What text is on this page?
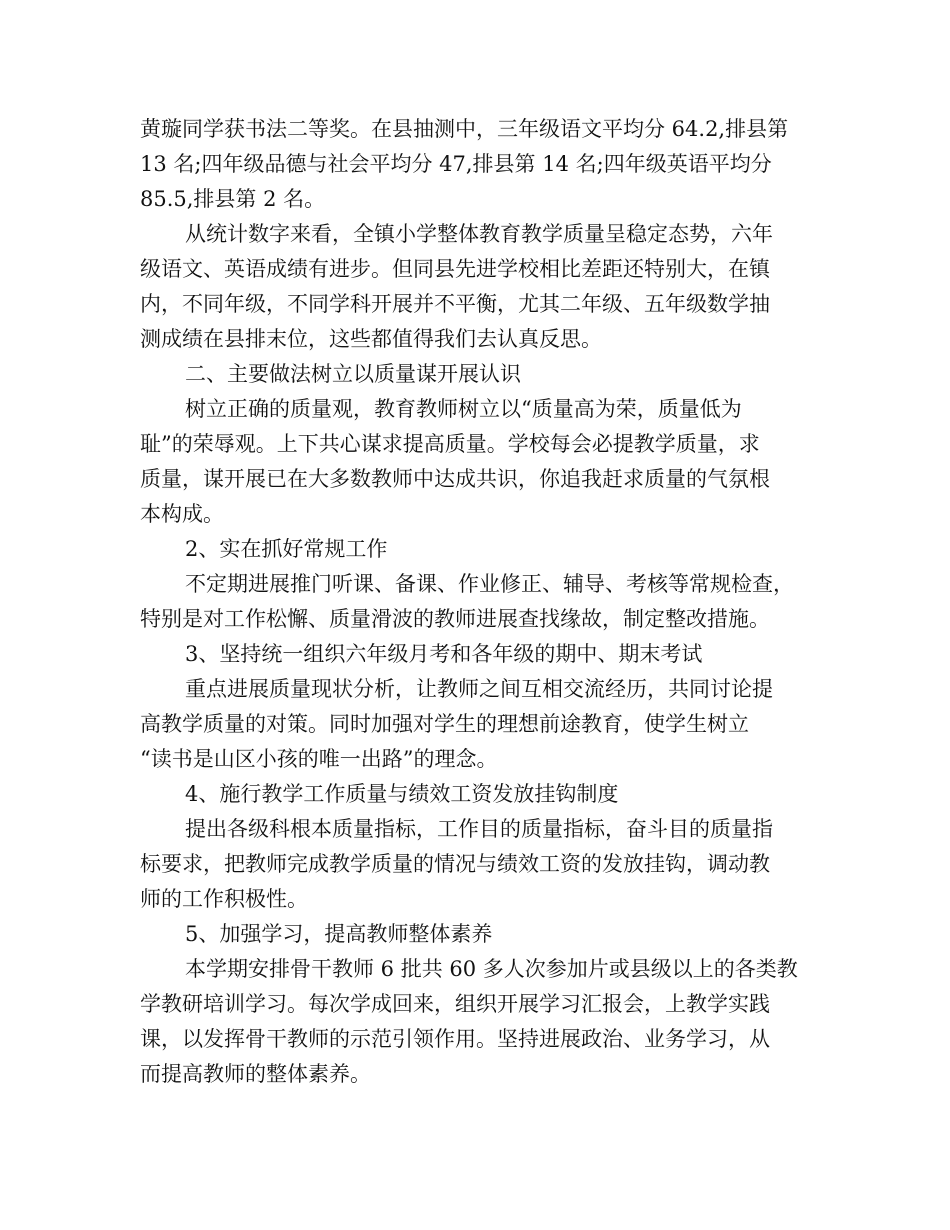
黄璇同学获书法二等奖。在县抽测中，三年级语文平均分 64.2,排县第
13 名;四年级品德与社会平均分 47,排县第 14 名;四年级英语平均分
85.5,排县第 2 名。
从统计数字来看，全镇小学整体教育教学质量呈稳定态势，六年
级语文、英语成绩有进步。但同县先进学校相比差距还特别大，在镇
内，不同年级，不同学科开展并不平衡，尤其二年级、五年级数学抽
测成绩在县排末位，这些都值得我们去认真反思。
二、主要做法树立以质量谋开展认识
树立正确的质量观，教育教师树立以“质量高为荣，质量低为
耻”的荣辱观。上下共心谋求提高质量。学校每会必提教学质量，求
质量，谋开展已在大多数教师中达成共识，你追我赶求质量的气氛根
本构成。
2、实在抓好常规工作
不定期进展推门听课、备课、作业修正、辅导、考核等常规检查，
特别是对工作松懈、质量滑波的教师进展查找缘故，制定整改措施。
3、坚持统一组织六年级月考和各年级的期中、期末考试
重点进展质量现状分析，让教师之间互相交流经历，共同讨论提
高教学质量的对策。同时加强对学生的理想前途教育，使学生树立
“读书是山区小孩的唯一出路”的理念。
4、施行教学工作质量与绩效工资发放挂钩制度
提出各级科根本质量指标，工作目的质量指标，奋斗目的质量指
标要求，把教师完成教学质量的情况与绩效工资的发放挂钩，调动教
师的工作积极性。
5、加强学习，提高教师整体素养
本学期安排骨干教师 6 批共 60 多人次参加片或县级以上的各类教
学教研培训学习。每次学成回来，组织开展学习汇报会，上教学实践
课，以发挥骨干教师的示范引领作用。坚持进展政治、业务学习，从
而提高教师的整体素养。
